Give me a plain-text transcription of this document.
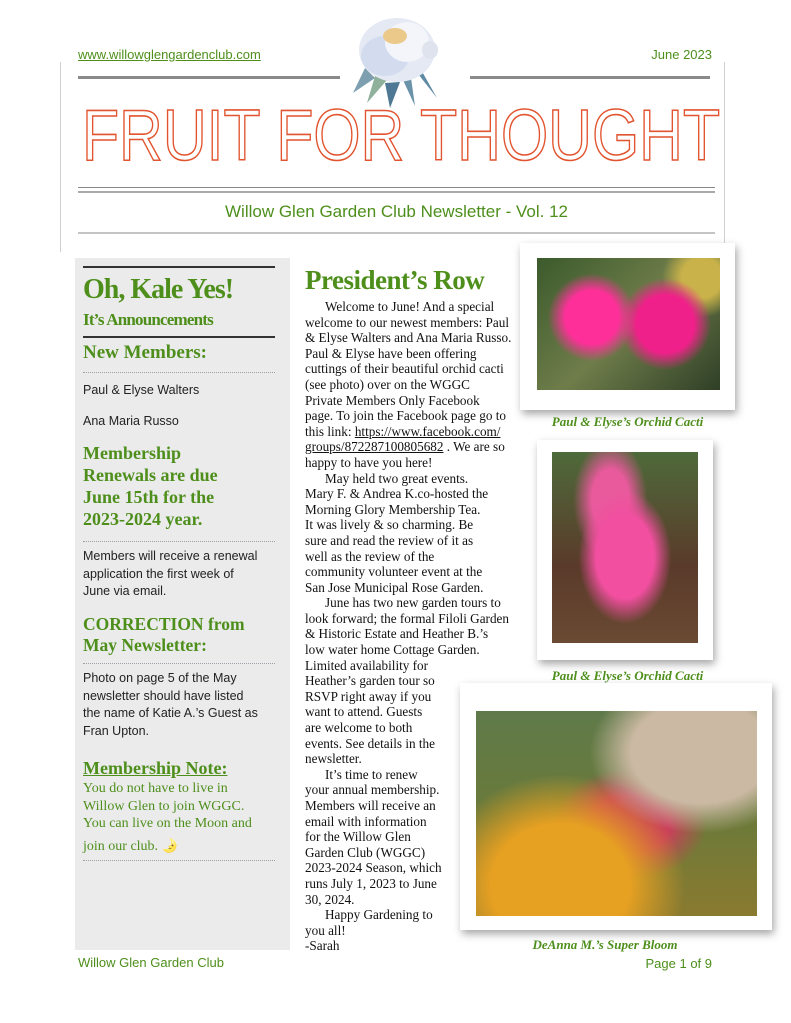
www.willowglengardenclub.com	June 2023
FRUIT FOR THOUGHT
Willow Glen Garden Club Newsletter - Vol. 12
Oh, Kale Yes!
It’s Announcements
New Members:
Paul & Elyse Walters
Ana Maria Russo
Membership
Renewals are due
June 15th for the
2023-2024 year.
Members will receive a renewal
application the first week of
June via email.
CORRECTION from
May Newsletter:
Photo on page 5 of the May
newsletter should have listed
the name of Katie A.’s Guest as
Fran Upton.
Membership Note:
You do not have to live in
Willow Glen to join WGGC.
You can live on the Moon and
join our club. 🌛
President’s Row
Welcome to June! And a special
welcome to our newest members: Paul
& Elyse Walters and Ana Maria Russo.
Paul & Elyse have been offering
cuttings of their beautiful orchid cacti
(see photo) over on the WGGC
Private Members Only Facebook
page. To join the Facebook page go to
this link: https://www.facebook.com/
groups/872287100805682 . We are so
happy to have you here!
May held two great events.
Mary F. & Andrea K.co-hosted the
Morning Glory Membership Tea.
It was lively & so charming. Be
sure and read the review of it as
well as the review of the
community volunteer event at the
San Jose Municipal Rose Garden.
June has two new garden tours to
look forward; the formal Filoli Garden
& Historic Estate and Heather B.’s
low water home Cottage Garden.
Limited availability for
Heather’s garden tour so
RSVP right away if you
want to attend. Guests
are welcome to both
events. See details in the
newsletter.
It’s time to renew
your annual membership.
Members will receive an
email with information
for the Willow Glen
Garden Club (WGGC)
2023-2024 Season, which
runs July 1, 2023 to June
30, 2024.
Happy Gardening to
you all!
-Sarah
Paul & Elyse’s Orchid Cacti
Paul & Elyse’s Orchid Cacti
DeAnna M.’s Super Bloom
Willow Glen Garden Club	Page 1 of 9
